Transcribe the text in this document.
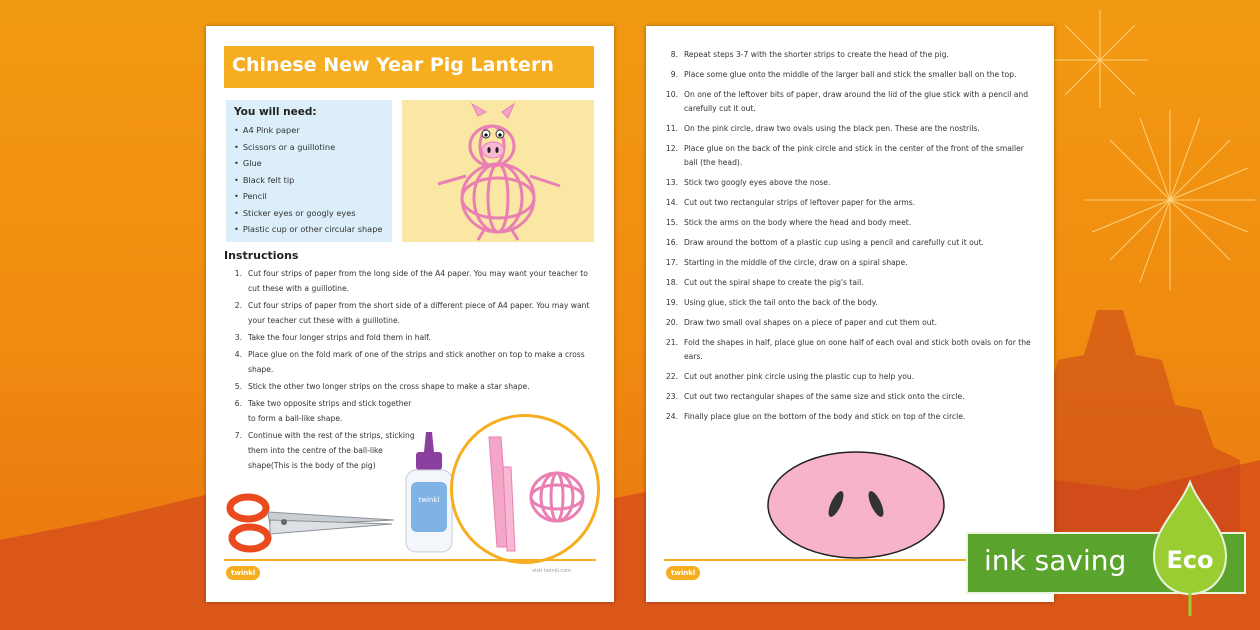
Chinese New Year Pig Lantern
You will need:
• A4 Pink paper
• Scissors or a guillotine
• Glue
• Black felt tip
• Pencil
• Sticker eyes or googly eyes
• Plastic cup or other circular shape
Instructions
1. Cut four strips of paper from the long side of the A4 paper. You may want your teacher to cut these with a guillotine.
2. Cut four strips of paper from the short side of a different piece of A4 paper. You may want your teacher cut these with a guillotine.
3. Take the four longer strips and fold them in half.
4. Place glue on the fold mark of one of the strips and stick another on top to make a cross shape.
5. Stick the other two longer strips on the cross shape to make a star shape.
6. Take two opposite strips and stick together to form a ball-like shape.
7. Continue with the rest of the strips, sticking them into the centre of the ball-like shape(This is the body of the pig)
twinkl
twinkl	visit twinkl.com
8. Repeat steps 3-7 with the shorter strips to create the head of the pig.
9. Place some glue onto the middle of the larger ball and stick the smaller ball on the top.
10. On one of the leftover bits of paper, draw around the lid of the glue stick with a pencil and carefully cut it out.
11. On the pink circle, draw two ovals using the black pen. These are the nostrils.
12. Place glue on the back of the pink circle and stick in the center of the front of the smaller ball (the head).
13. Stick two googly eyes above the nose.
14. Cut out two rectangular strips of leftover paper for the arms.
15. Stick the arms on the body where the head and body meet.
16. Draw around the bottom of a plastic cup using a pencil and carefully cut it out.
17. Starting in the middle of the circle, draw on a spiral shape.
18. Cut out the spiral shape to create the pig's tail.
19. Using glue, stick the tail onto the back of the body.
20. Draw two small oval shapes on a piece of paper and cut them out.
21. Fold the shapes in half, place glue on oone half of each oval and stick both ovals on for the ears.
22. Cut out another pink circle using the plastic cup to help you.
23. Cut out two rectangular shapes of the same size and stick onto the circle.
24. Finally place glue on the bottom of the body and stick on top of the circle.
twinkl	ink saving Eco
